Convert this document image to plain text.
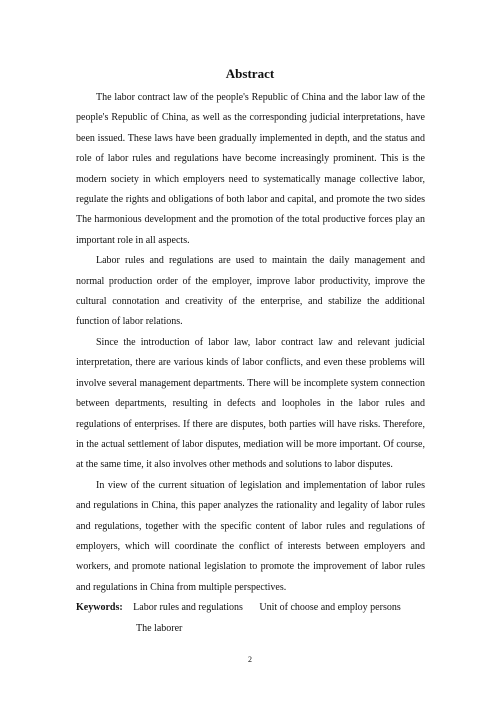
Abstract

The labor contract law of the people's Republic of China and the labor law of the people's Republic of China, as well as the corresponding judicial interpretations, have been issued. These laws have been gradually implemented in depth, and the status and role of labor rules and regulations have become increasingly prominent. This is the modern society in which employers need to systematically manage collective labor, regulate the rights and obligations of both labor and capital, and promote the two sides The harmonious development and the promotion of the total productive forces play an important role in all aspects.

Labor rules and regulations are used to maintain the daily management and normal production order of the employer, improve labor productivity, improve the cultural connotation and creativity of the enterprise, and stabilize the additional function of labor relations.

Since the introduction of labor law, labor contract law and relevant judicial interpretation, there are various kinds of labor conflicts, and even these problems will involve several management departments. There will be incomplete system connection between departments, resulting in defects and loopholes in the labor rules and regulations of enterprises. If there are disputes, both parties will have risks. Therefore, in the actual settlement of labor disputes, mediation will be more important. Of course, at the same time, it also involves other methods and solutions to labor disputes.

In view of the current situation of legislation and implementation of labor rules and regulations in China, this paper analyzes the rationality and legality of labor rules and regulations, together with the specific content of labor rules and regulations of employers, which will coordinate the conflict of interests between employers and workers, and promote national legislation to promote the improvement of labor rules and regulations in China from multiple perspectives.

Keywords: Labor rules and regulations Unit of choose and employ persons
The laborer
2
